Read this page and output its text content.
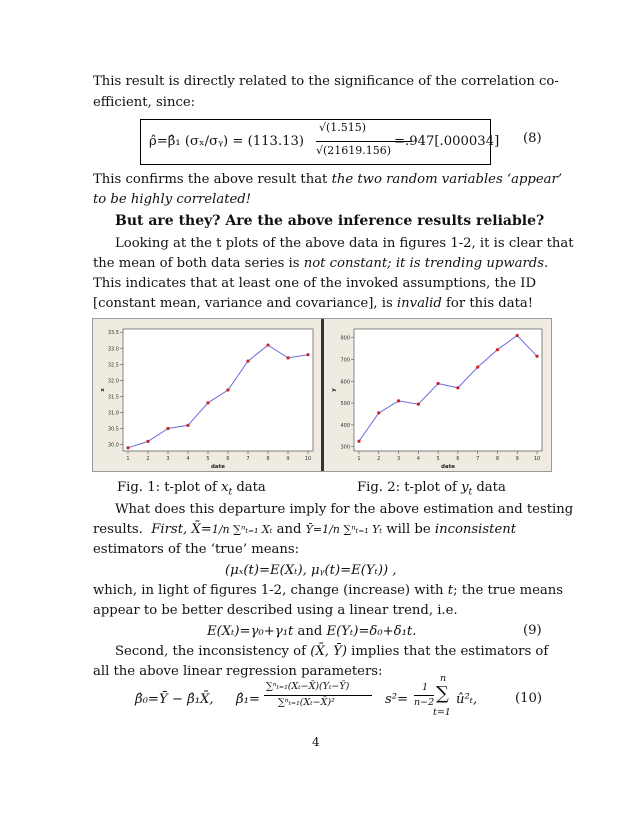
This result is directly related to the significance of the correlation co-
efficient, since:
ρ̂=β̂₁ (σₓ/σᵧ) = (113.13)
√(1.515)
√(21619.156)
=.947[.000034] (8)
This confirms the above result that the two random variables ‘appear’
to be highly correlated!
But are they? Are the above inference results reliable?
Looking at the t plots of the above data in figures 1-2, it is clear that
the mean of both data series is not constant; it is trending upwards.
This indicates that at least one of the invoked assumptions, the ID
[constant mean, variance and covariance], is invalid for this data!
30.0
30.5
31.0
31.5
32.0
32.5
33.0
33.5
1	2	3	4	5	6	7	8	9	10
date
x
300
400
500
600
700
800
1	2	3	4	5	6	7	8	9	10
date
y
Fig. 1: t-plot of $x_t$ data	Fig. 2: t-plot of $y_t$ data
What does this departure imply for the above estimation and testing
results. First, X̄=1/n ∑ⁿₜ₌₁ Xₜ and Ȳ=1/n ∑ⁿₜ₌₁ Yₜ will be inconsistent
estimators of the ‘true’ means:
(μₓ(t)=E(Xₜ), μᵧ(t)=E(Yₜ)) ,
which, in light of figures 1-2, change (increase) with t; the true means
appear to be better described using a linear trend, i.e.
E(Xₜ)=γ₀+γ₁t and E(Yₜ)=δ₀+δ₁t.	(9)
Second, the inconsistency of (X̄, Ȳ) implies that the estimators of
all the above linear regression parameters:
β̂₀=Ȳ − β̂₁X̄, β̂₁=
∑ⁿₜ₌₁(Xₜ−X̄)(Yₜ−Ȳ)
∑ⁿₜ₌₁(Xₜ−X̄)²	s²=
1
n−2
n
∑
t=1
û²ₜ,	(10)
4
